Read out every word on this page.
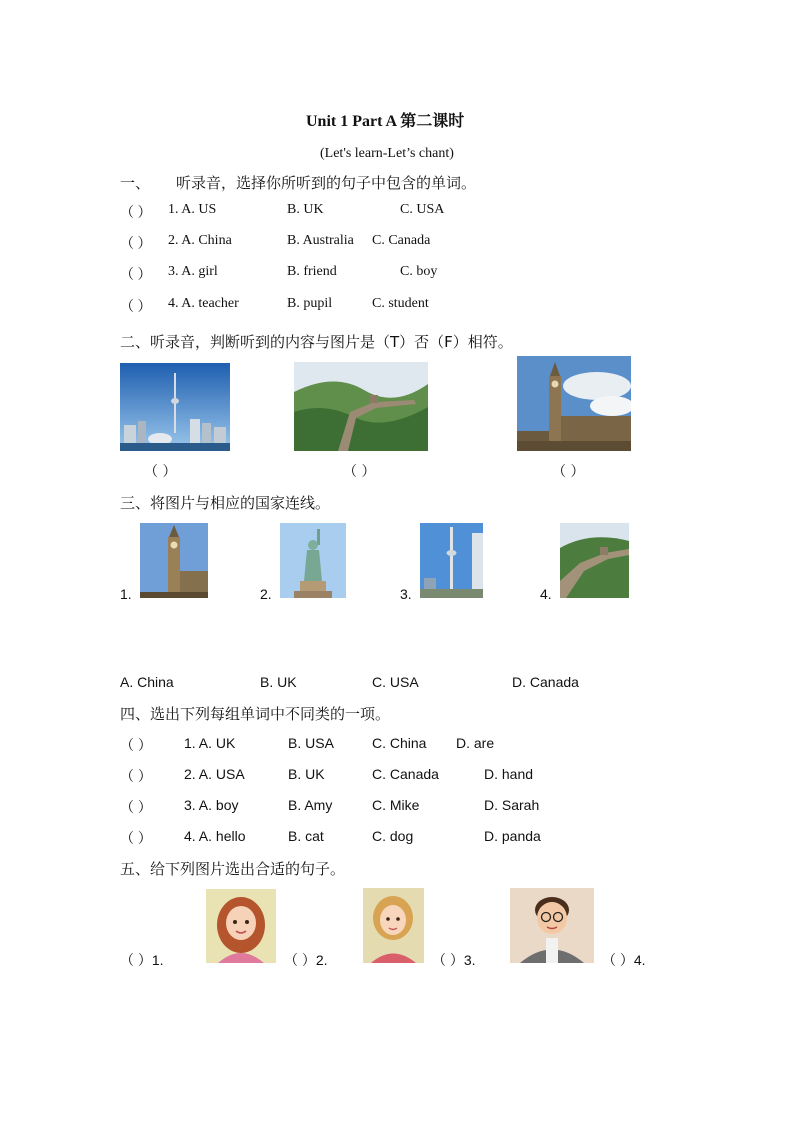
Unit 1 Part A 第二课时
(Let's learn-Let’s chant)
一、 听录音，选择你所听到的句子中包含的单词。
（ ） 1. A. US	B. UK	C. USA
（ ） 2. A. China	B. Australia C. Canada
（ ） 3. A. girl	B. friend	C. boy
（ ） 4. A. teacher	B. pupil	C. student
二、听录音，判断听到的内容与图片是（T）否（F）相符。
（ ）	（ ）	（ ）
三、将图片与相应的国家连线。
1.	2.	3.	4.
A. China	B. UK	C. USA	D. Canada
四、选出下列每组单词中不同类的一项。
（ ） 1. A. UK	B. USA	C. China D. are
（ ） 2. A. USA	B. UK	C. Canada	D. hand
（ ） 3. A. boy	B. Amy	C. Mike	D. Sarah
（ ） 4. A. hello	B. cat	C. dog	D. panda
五、给下列图片选出合适的句子。
（ ）1.	（ ）2.	（ ）3.	（ ）4.
